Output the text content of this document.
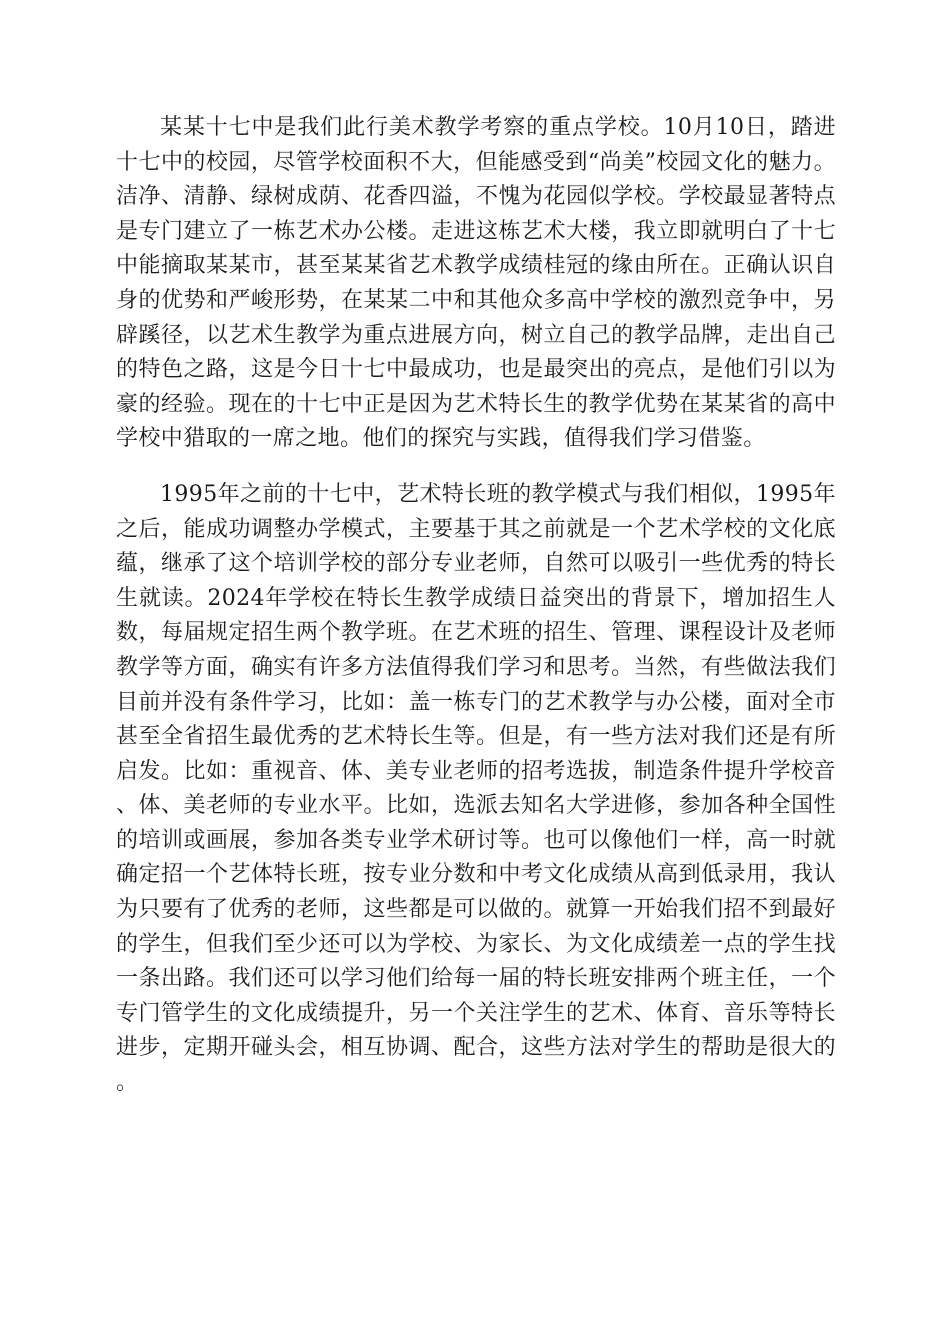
某某十七中是我们此行美术教学考察的重点学校。10月10日，踏进十七中的校园，尽管学校面积不大，但能感受到“尚美”校园文化的魅力。洁净、清静、绿树成荫、花香四溢，不愧为花园似学校。学校最显著特点是专门建立了一栋艺术办公楼。走进这栋艺术大楼，我立即就明白了十七中能摘取某某市，甚至某某省艺术教学成绩桂冠的缘由所在。正确认识自身的优势和严峻形势，在某某二中和其他众多高中学校的激烈竞争中，另辟蹊径，以艺术生教学为重点进展方向，树立自己的教学品牌，走出自己的特色之路，这是今日十七中最成功，也是最突出的亮点，是他们引以为豪的经验。现在的十七中正是因为艺术特长生的教学优势在某某省的高中学校中猎取的一席之地。他们的探究与实践，值得我们学习借鉴。

1995年之前的十七中，艺术特长班的教学模式与我们相似，1995年之后，能成功调整办学模式，主要基于其之前就是一个艺术学校的文化底蕴，继承了这个培训学校的部分专业老师，自然可以吸引一些优秀的特长生就读。2024年学校在特长生教学成绩日益突出的背景下，增加招生人数，每届规定招生两个教学班。在艺术班的招生、管理、课程设计及老师教学等方面，确实有许多方法值得我们学习和思考。当然，有些做法我们目前并没有条件学习，比如：盖一栋专门的艺术教学与办公楼，面对全市甚至全省招生最优秀的艺术特长生等。但是，有一些方法对我们还是有所启发。比如：重视音、体、美专业老师的招考选拔，制造条件提升学校音、体、美老师的专业水平。比如，选派去知名大学进修，参加各种全国性的培训或画展，参加各类专业学术研讨等。也可以像他们一样，高一时就确定招一个艺体特长班，按专业分数和中考文化成绩从高到低录用，我认为只要有了优秀的老师，这些都是可以做的。就算一开始我们招不到最好的学生，但我们至少还可以为学校、为家长、为文化成绩差一点的学生找一条出路。我们还可以学习他们给每一届的特长班安排两个班主任，一个专门管学生的文化成绩提升，另一个关注学生的艺术、体育、音乐等特长进步，定期开碰头会，相互协调、配合，这些方法对学生的帮助是很大的。
